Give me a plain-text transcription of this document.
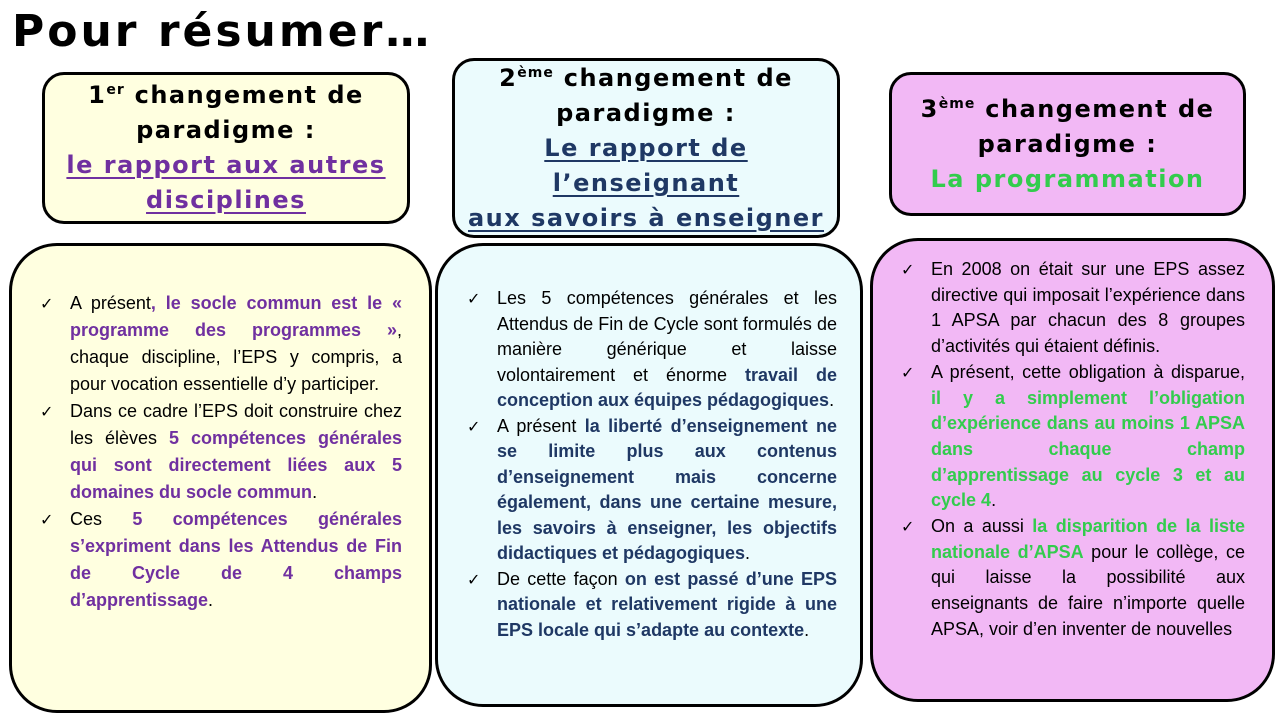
Pour résumer…
1er changement de
paradigme :
le rapport aux autres
disciplines
2ème changement de
paradigme :
Le rapport de l’enseignant
aux savoirs à enseigner
3ème changement de
paradigme :
La programmation
✓ A présent, le socle commun est le « programme des programmes », chaque discipline, l’EPS y compris, a pour vocation essentielle d’y participer.
✓ Dans ce cadre l’EPS doit construire chez les élèves 5 compétences générales qui sont directement liées aux 5 domaines du socle commun.
✓ Ces 5 compétences générales s’expriment dans les Attendus de Fin de Cycle de 4 champs d’apprentissage.
✓ Les 5 compétences générales et les Attendus de Fin de Cycle sont formulés de manière générique et laisse volontairement et énorme travail de conception aux équipes pédagogiques.
✓ A présent la liberté d’enseignement ne se limite plus aux contenus d’enseignement mais concerne également, dans une certaine mesure, les savoirs à enseigner, les objectifs didactiques et pédagogiques.
✓ De cette façon on est passé d’une EPS nationale et relativement rigide à une EPS locale qui s’adapte au contexte.
✓ En 2008 on était sur une EPS assez directive qui imposait l’expérience dans 1 APSA par chacun des 8 groupes d’activités qui étaient définis.
✓ A présent, cette obligation à disparue, il y a simplement l’obligation d’expérience dans au moins 1 APSA dans chaque champ d’apprentissage au cycle 3 et au cycle 4.
✓ On a aussi la disparition de la liste nationale d’APSA pour le collège, ce qui laisse la possibilité aux enseignants de faire n’importe quelle APSA, voir d’en inventer de nouvelles
